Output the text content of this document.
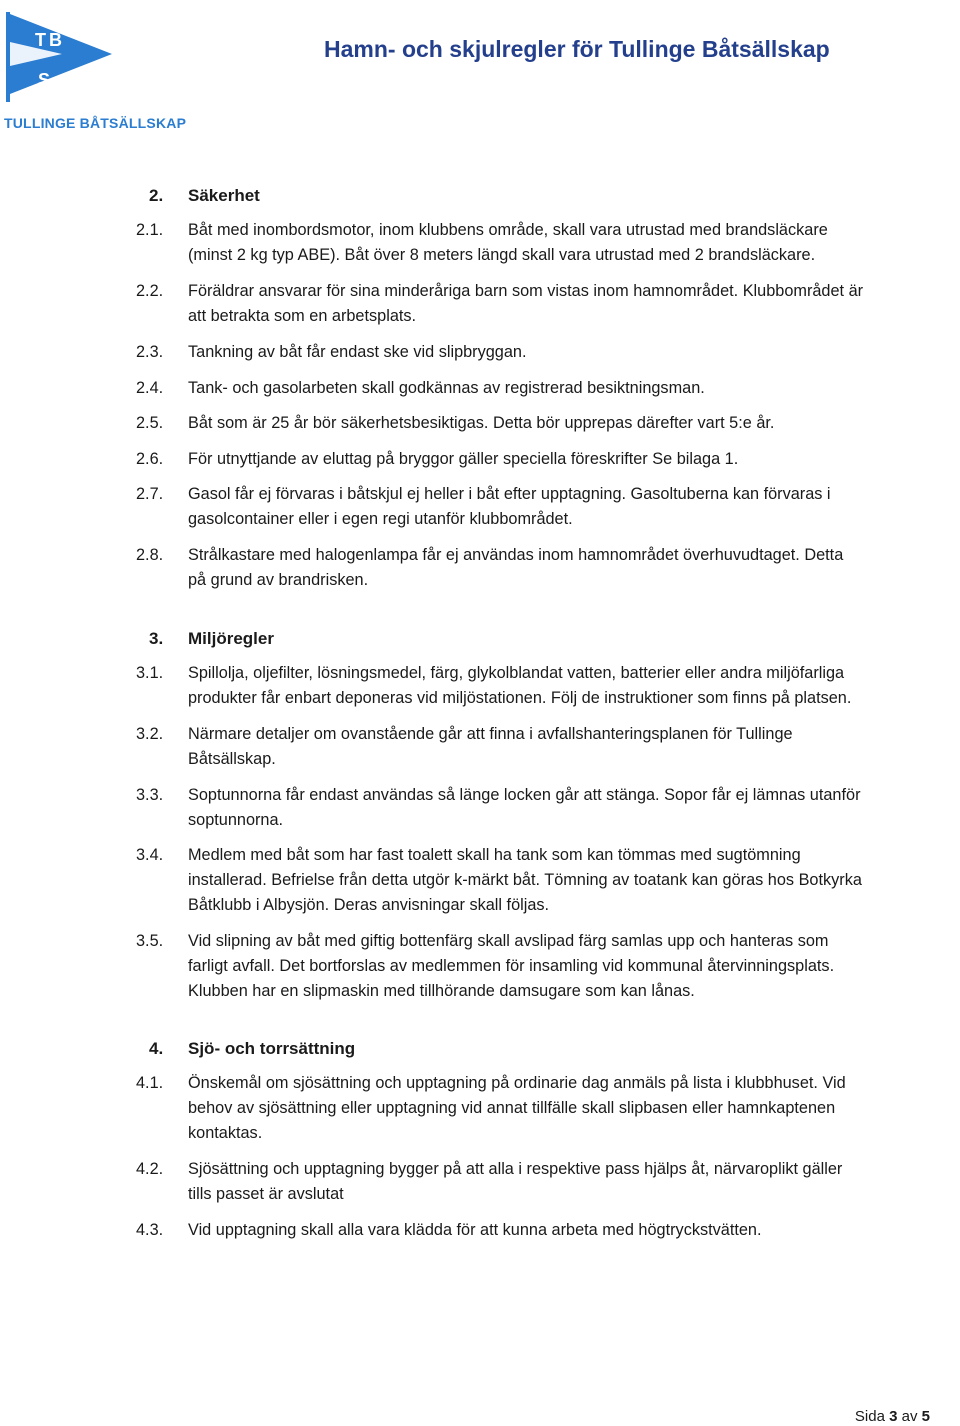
T B
S
TULLINGE BÅTSÄLLSKAP
Hamn- och skjulregler för Tullinge Båtsällskap
2. Säkerhet
2.1. Båt med inombordsmotor, inom klubbens område, skall vara utrustad med brandsläckare
(minst 2 kg typ ABE). Båt över 8 meters längd skall vara utrustad med 2 brandsläckare.
2.2. Föräldrar ansvarar för sina minderåriga barn som vistas inom hamnområdet. Klubbområdet är
att betrakta som en arbetsplats.
2.3. Tankning av båt får endast ske vid slipbryggan.
2.4. Tank- och gasolarbeten skall godkännas av registrerad besiktningsman.
2.5. Båt som är 25 år bör säkerhetsbesiktigas. Detta bör upprepas därefter vart 5:e år.
2.6. För utnyttjande av eluttag på bryggor gäller speciella föreskrifter Se bilaga 1.
2.7. Gasol får ej förvaras i båtskjul ej heller i båt efter upptagning. Gasoltuberna kan förvaras i
gasolcontainer eller i egen regi utanför klubbområdet.
2.8. Strålkastare med halogenlampa får ej användas inom hamnområdet överhuvudtaget. Detta
på grund av brandrisken.
3. Miljöregler
3.1. Spillolja, oljefilter, lösningsmedel, färg, glykolblandat vatten, batterier eller andra miljöfarliga
produkter får enbart deponeras vid miljöstationen. Följ de instruktioner som finns på platsen.
3.2. Närmare detaljer om ovanstående går att finna i avfallshanteringsplanen för Tullinge
Båtsällskap.
3.3. Soptunnorna får endast användas så länge locken går att stänga. Sopor får ej lämnas utanför
soptunnorna.
3.4. Medlem med båt som har fast toalett skall ha tank som kan tömmas med sugtömning
installerad. Befrielse från detta utgör k-märkt båt. Tömning av toatank kan göras hos Botkyrka
Båtklubb i Albysjön. Deras anvisningar skall följas.
3.5. Vid slipning av båt med giftig bottenfärg skall avslipad färg samlas upp och hanteras som
farligt avfall. Det bortforslas av medlemmen för insamling vid kommunal återvinningsplats.
Klubben har en slipmaskin med tillhörande damsugare som kan lånas.
4. Sjö- och torrsättning
4.1. Önskemål om sjösättning och upptagning på ordinarie dag anmäls på lista i klubbhuset. Vid
behov av sjösättning eller upptagning vid annat tillfälle skall slipbasen eller hamnkaptenen
kontaktas.
4.2. Sjösättning och upptagning bygger på att alla i respektive pass hjälps åt, närvaroplikt gäller
tills passet är avslutat
4.3. Vid upptagning skall alla vara klädda för att kunna arbeta med högtryckstvätten.
Sida 3 av 5
